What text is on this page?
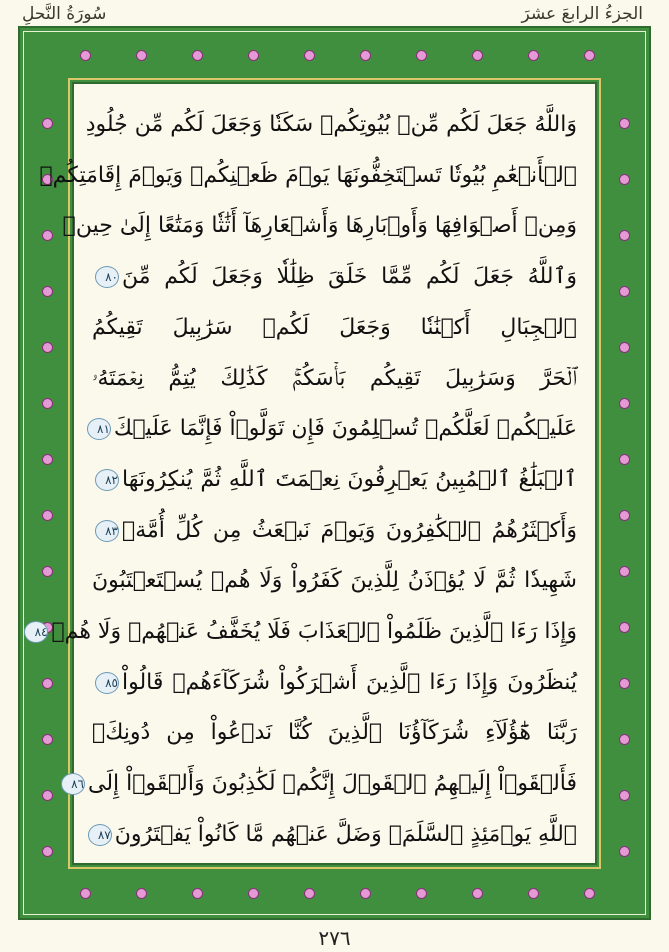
الجزءُ الرابعَ عشرَ
سُورَةُ النَّحلِ
وَاللَّهُ جَعَلَ لَكُم مِّنۢ بُيُوتِكُمۡ سَكَنٗا وَجَعَلَ لَكُم مِّن جُلُودِ
ٱلۡأَنۡعَٰمِ بُيُوتٗا تَسۡتَخِفُّونَهَا يَوۡمَ ظَعۡنِكُمۡ وَيَوۡمَ إِقَامَتِكُمۡ
وَمِنۡ أَصۡوَافِهَا وَأَوۡبَارِهَا وَأَشۡعَارِهَآ أَثَٰثٗا وَمَتَٰعًا إِلَىٰ حِينٖ
وَٱللَّهُ جَعَلَ لَكُم مِّمَّا خَلَقَ ظِلَٰلٗا وَجَعَلَ لَكُم مِّنَ٨٠
ٱلۡجِبَالِ أَكۡنَٰنٗا وَجَعَلَ لَكُمۡ سَرَٰبِيلَ تَقِيكُمُ
ٱلۡحَرَّ وَسَرَٰبِيلَ تَقِيكُم بَأۡسَكُمۡۚ كَذَٰلِكَ يُتِمُّ نِعۡمَتَهُۥ
عَلَيۡكُمۡ لَعَلَّكُمۡ تُسۡلِمُونَ فَإِن تَوَلَّوۡاْ فَإِنَّمَا عَلَيۡكَ٨١
ٱلۡبَلَٰغُ ٱلۡمُبِينُ يَعۡرِفُونَ نِعۡمَتَ ٱللَّهِ ثُمَّ يُنكِرُونَهَا٨٢
وَأَكۡثَرُهُمُ ٱلۡكَٰفِرُونَ وَيَوۡمَ نَبۡعَثُ مِن كُلِّ أُمَّةٖ٨٣
شَهِيدٗا ثُمَّ لَا يُؤۡذَنُ لِلَّذِينَ كَفَرُواْ وَلَا هُمۡ يُسۡتَعۡتَبُونَ
وَإِذَا رَءَا ٱلَّذِينَ ظَلَمُواْ ٱلۡعَذَابَ فَلَا يُخَفَّفُ عَنۡهُمۡ وَلَا هُمۡ٨٤
يُنظَرُونَ وَإِذَا رَءَا ٱلَّذِينَ أَشۡرَكُواْ شُرَكَآءَهُمۡ قَالُواْ٨٥
رَبَّنَا هَٰٓؤُلَآءِ شُرَكَآؤُنَا ٱلَّذِينَ كُنَّا نَدۡعُواْ مِن دُونِكَۖ
فَأَلۡقَوۡاْ إِلَيۡهِمُ ٱلۡقَوۡلَ إِنَّكُمۡ لَكَٰذِبُونَ وَأَلۡقَوۡاْ إِلَى٨٦
ٱللَّهِ يَوۡمَئِذٍ ٱلسَّلَمَۖ وَضَلَّ عَنۡهُم مَّا كَانُواْ يَفۡتَرُونَ٨٧
٢٧٦
